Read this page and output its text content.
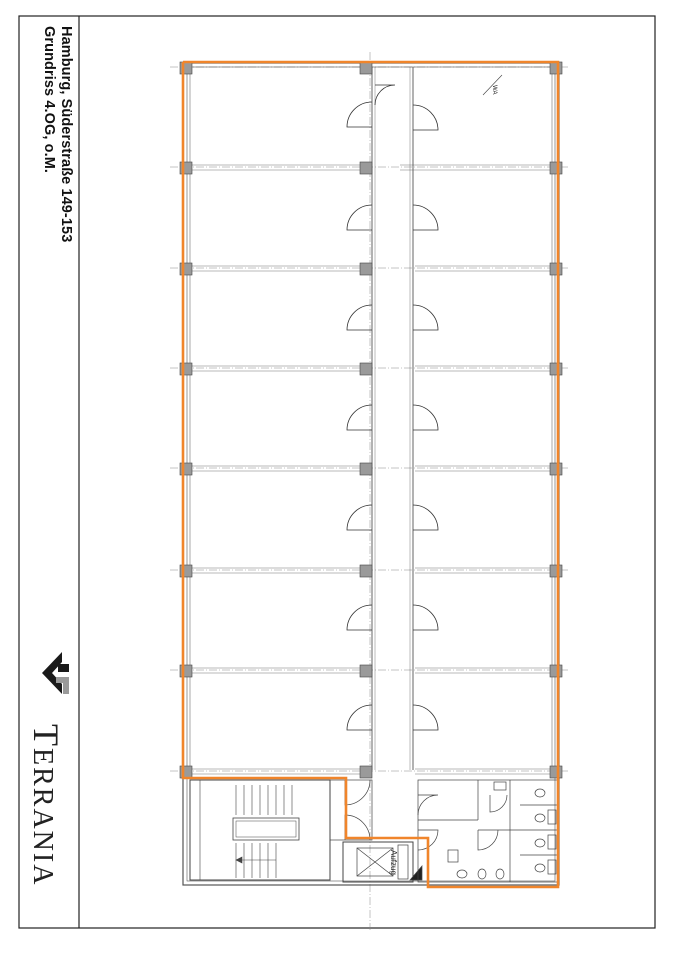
Hamburg, Süderstraße 149-153
Grundriss 4.OG, o.M.
TERRANIA	Aufzug
WA
